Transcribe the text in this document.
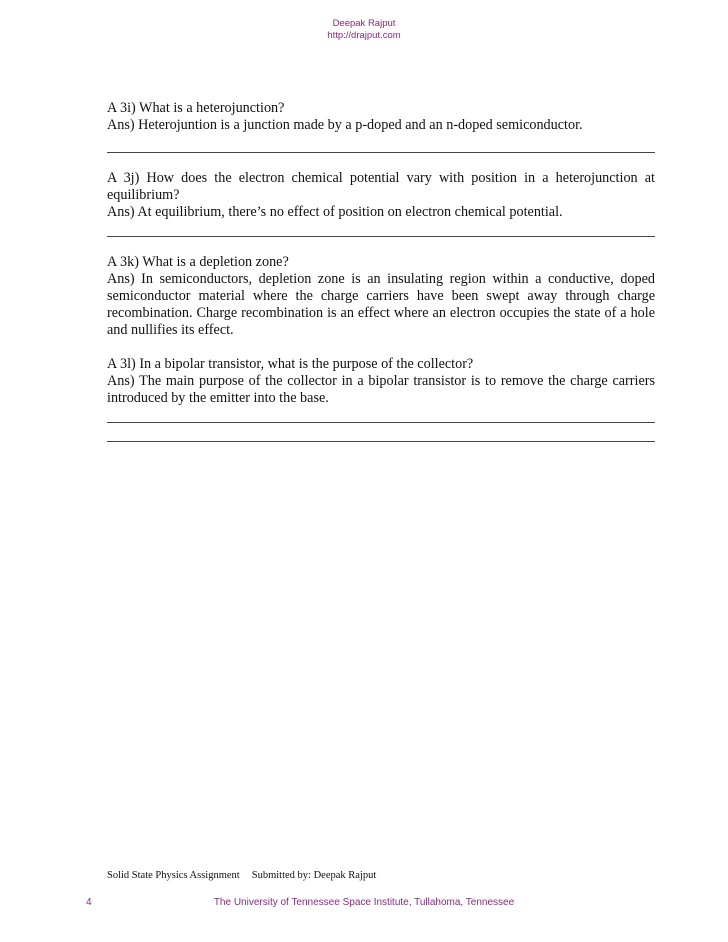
Deepak Rajput
http://drajput.com

A 3i) What is a heterojunction?

Ans) Heterojuntion is a junction made by a p-doped and an n-doped semiconductor.

A 3j) How does the electron chemical potential vary with position in a heterojunction at equilibrium?

Ans) At equilibrium, there’s no effect of position on electron chemical potential.

A 3k) What is a depletion zone?

Ans) In semiconductors, depletion zone is an insulating region within a conductive, doped semiconductor material where the charge carriers have been swept away through charge recombination. Charge recombination is an effect where an electron occupies the state of a hole and nullifies its effect.

A 3l) In a bipolar transistor, what is the purpose of the collector?

Ans) The main purpose of the collector in a bipolar transistor is to remove the charge carriers introduced by the emitter into the base.

Solid State Physics Assignment Submitted by: Deepak Rajput
4	The University of Tennessee Space Institute, Tullahoma, Tennessee
